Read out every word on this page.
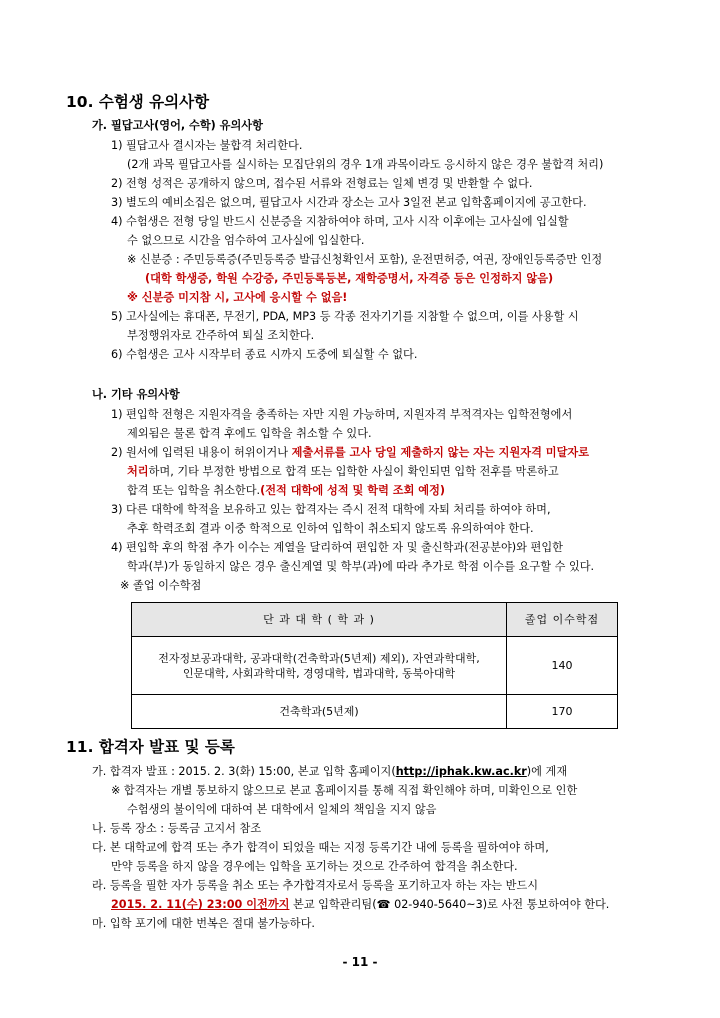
10. 수험생 유의사항
가. 필답고사(영어, 수학) 유의사항
1) 필답고사 결시자는 불합격 처리한다.
(2개 과목 필답고사를 실시하는 모집단위의 경우 1개 과목이라도 응시하지 않은 경우 불합격 처리)
2) 전형 성적은 공개하지 않으며, 접수된 서류와 전형료는 일체 변경 및 반환할 수 없다.
3) 별도의 예비소집은 없으며, 필답고사 시간과 장소는 고사 3일전 본교 입학홈페이지에 공고한다.
4) 수험생은 전형 당일 반드시 신분증을 지참하여야 하며, 고사 시작 이후에는 고사실에 입실할
수 없으므로 시간을 엄수하여 고사실에 입실한다.
※ 신분증 : 주민등록증(주민등록증 발급신청확인서 포함), 운전면허증, 여권, 장애인등록증만 인정
(대학 학생증, 학원 수강증, 주민등록등본, 재학증명서, 자격증 등은 인정하지 않음)
※ 신분증 미지참 시, 고사에 응시할 수 없음!
5) 고사실에는 휴대폰, 무전기, PDA, MP3 등 각종 전자기기를 지참할 수 없으며, 이를 사용할 시
부정행위자로 간주하여 퇴실 조치한다.
6) 수험생은 고사 시작부터 종료 시까지 도중에 퇴실할 수 없다.
나. 기타 유의사항
1) 편입학 전형은 지원자격을 충족하는 자만 지원 가능하며, 지원자격 부적격자는 입학전형에서
제외됨은 물론 합격 후에도 입학을 취소할 수 있다.
2) 원서에 입력된 내용이 허위이거나 제출서류를 고사 당일 제출하지 않는 자는 지원자격 미달자로
처리하며, 기타 부정한 방법으로 합격 또는 입학한 사실이 확인되면 입학 전후를 막론하고
합격 또는 입학을 취소한다.(전적 대학에 성적 및 학력 조회 예정)
3) 다른 대학에 학적을 보유하고 있는 합격자는 즉시 전적 대학에 자퇴 처리를 하여야 하며,
추후 학력조회 결과 이중 학적으로 인하여 입학이 취소되지 않도록 유의하여야 한다.
4) 편입학 후의 학점 추가 이수는 계열을 달리하여 편입한 자 및 출신학과(전공분야)와 편입한
학과(부)가 동일하지 않은 경우 출신계열 및 학부(과)에 따라 추가로 학점 이수를 요구할 수 있다.
※ 졸업 이수학점
단 과 대 학 ( 학 과 )	졸업 이수학점

전자정보공과대학, 공과대학(건축학과(5년제) 제외), 자연과학대학,
인문대학, 사회과학대학, 경영대학, 법과대학, 동북아대학	140
건축학과(5년제)	170
11. 합격자 발표 및 등록
가. 합격자 발표 : 2015. 2. 3(화) 15:00, 본교 입학 홈페이지(http://iphak.kw.ac.kr)에 게재
※ 합격자는 개별 통보하지 않으므로 본교 홈페이지를 통해 직접 확인해야 하며, 미확인으로 인한
수험생의 불이익에 대하여 본 대학에서 일체의 책임을 지지 않음
나. 등록 장소 : 등록금 고지서 참조
다. 본 대학교에 합격 또는 추가 합격이 되었을 때는 지정 등록기간 내에 등록을 필하여야 하며,
만약 등록을 하지 않을 경우에는 입학을 포기하는 것으로 간주하여 합격을 취소한다.
라. 등록을 필한 자가 등록을 취소 또는 추가합격자로서 등록을 포기하고자 하는 자는 반드시
2015. 2. 11(수) 23:00 이전까지 본교 입학관리팀(☎ 02-940-5640~3)로 사전 통보하여야 한다.
마. 입학 포기에 대한 번복은 절대 불가능하다.
- 11 -
